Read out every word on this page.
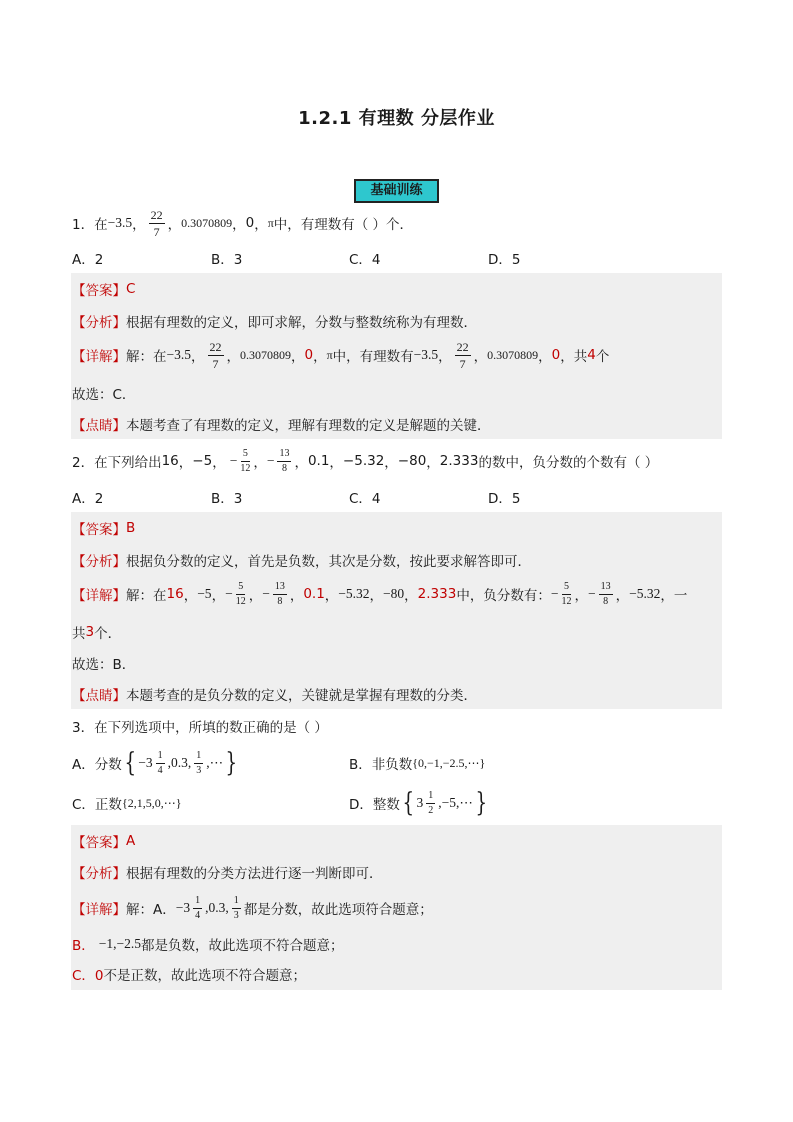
1.2.1 有理数 分层作业
基础训练
1．在 −3.5 ， $\frac{22}{7}$ ， 0.3070809 ， 0 ， π 中，有理数有（ ）个．
A．2	B．3	C．4	D．5
【答案】 C
【分析】 根据有理数的定义，即可求解，分数与整数统称为有理数．
【详解】 解：在 −3.5 ， $\frac{22}{7}$ ， 0.3070809 ， 0 ， π 中，有理数有 −3.5 ， $\frac{22}{7}$ ， 0.3070809 ， 0 ，共 4 个
故选：C．
【点睛】 本题考查了有理数的定义，理解有理数的定义是解题的关键．
2．在下列给出 16 ， −5 ， − $\frac{5}{12}$ ， − $\frac{13}{8}$ ， 0.1 ， −5.32 ， −80 ， 2.333 的数中，负分数的个数有（ ）
A．2	B．3	C．4	D．5
【答案】 B
【分析】 根据负分数的定义，首先是负数，其次是分数，按此要求解答即可．
【详解】 解：在 16 ， −5 ， − $\frac{5}{12}$ ， − $\frac{13}{8}$ ， 0.1 ， −5.32 ， −80 ， 2.333 中，负分数有： − $\frac{5}{12}$ ， − $\frac{13}{8}$ ， −5.32 ，一
共 3 个．
故选：B．
【点睛】 本题考查的是负分数的定义，关键就是掌握有理数的分类．
3．在下列选项中，所填的数正确的是（ ）
A．分数 { $-3 \frac{1}{4} ,0.3$, $\frac{1}{3}$ ,⋯ }	B．非负数 {0,−1,−2.5,⋯}
C．正数 {2,1,5,0,⋯}	D．整数 { $3 \frac{1}{2}$ ,−5,⋯ }
【答案】 A
【分析】 根据有理数的分类方法进行逐一判断即可．
【详解】 解：A． $-3 \frac{1}{4} ,0.3$, $\frac{1}{3}$ 都是分数，故此选项符合题意；
B． −1,−2.5 都是负数，故此选项不符合题意；
C．0 不是正数，故此选项不符合题意；
